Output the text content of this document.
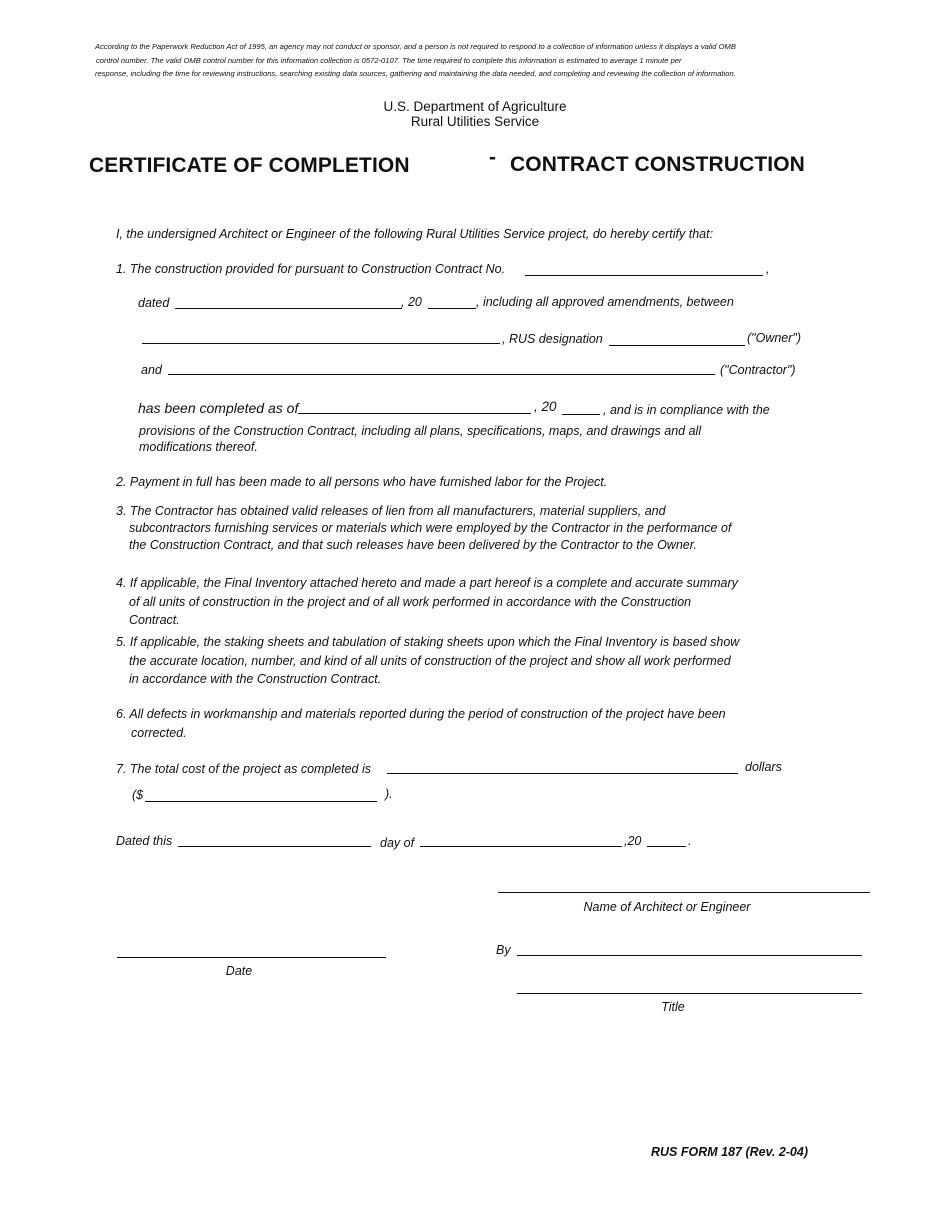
According to the Paperwork Reduction Act of 1995, an agency may not conduct or sponsor, and a person is not required to respond to a collection of information unless it displays a valid OMB
control number. The valid OMB control number for this information collection is 0572-0107. The time required to complete this information is estimated to average 1 minute per
response, including the time for reviewing instructions, searching existing data sources, gathering and maintaining the data needed, and completing and reviewing the collection of information.
U.S. Department of Agriculture
Rural Utilities Service
CERTIFICATE OF COMPLETION	- CONTRACT CONSTRUCTION
I, the undersigned Architect or Engineer of the following Rural Utilities Service project, do hereby certify that:
1. The construction provided for pursuant to Construction Contract No.	,
dated	, 20	, including all approved amendments, between
, RUS designation	("Owner")
and	("Contractor")
has been completed as of	, 20	, and is in compliance with the
provisions of the Construction Contract, including all plans, specifications, maps, and drawings and all
modifications thereof.
2. Payment in full has been made to all persons who have furnished labor for the Project.
3. The Contractor has obtained valid releases of lien from all manufacturers, material suppliers, and
subcontractors furnishing services or materials which were employed by the Contractor in the performance of
the Construction Contract, and that such releases have been delivered by the Contractor to the Owner.
4. If applicable, the Final Inventory attached hereto and made a part hereof is a complete and accurate summary
of all units of construction in the project and of all work performed in accordance with the Construction
Contract.
5. If applicable, the staking sheets and tabulation of staking sheets upon which the Final Inventory is based show
the accurate location, number, and kind of all units of construction of the project and show all work performed
in accordance with the Construction Contract.
6. All defects in workmanship and materials reported during the period of construction of the project have been
corrected.
7. The total cost of the project as completed is	dollars
($	).
Dated this	day of	,20	.
Name of Architect or Engineer
By
Date
Title
RUS FORM 187 (Rev. 2-04)
